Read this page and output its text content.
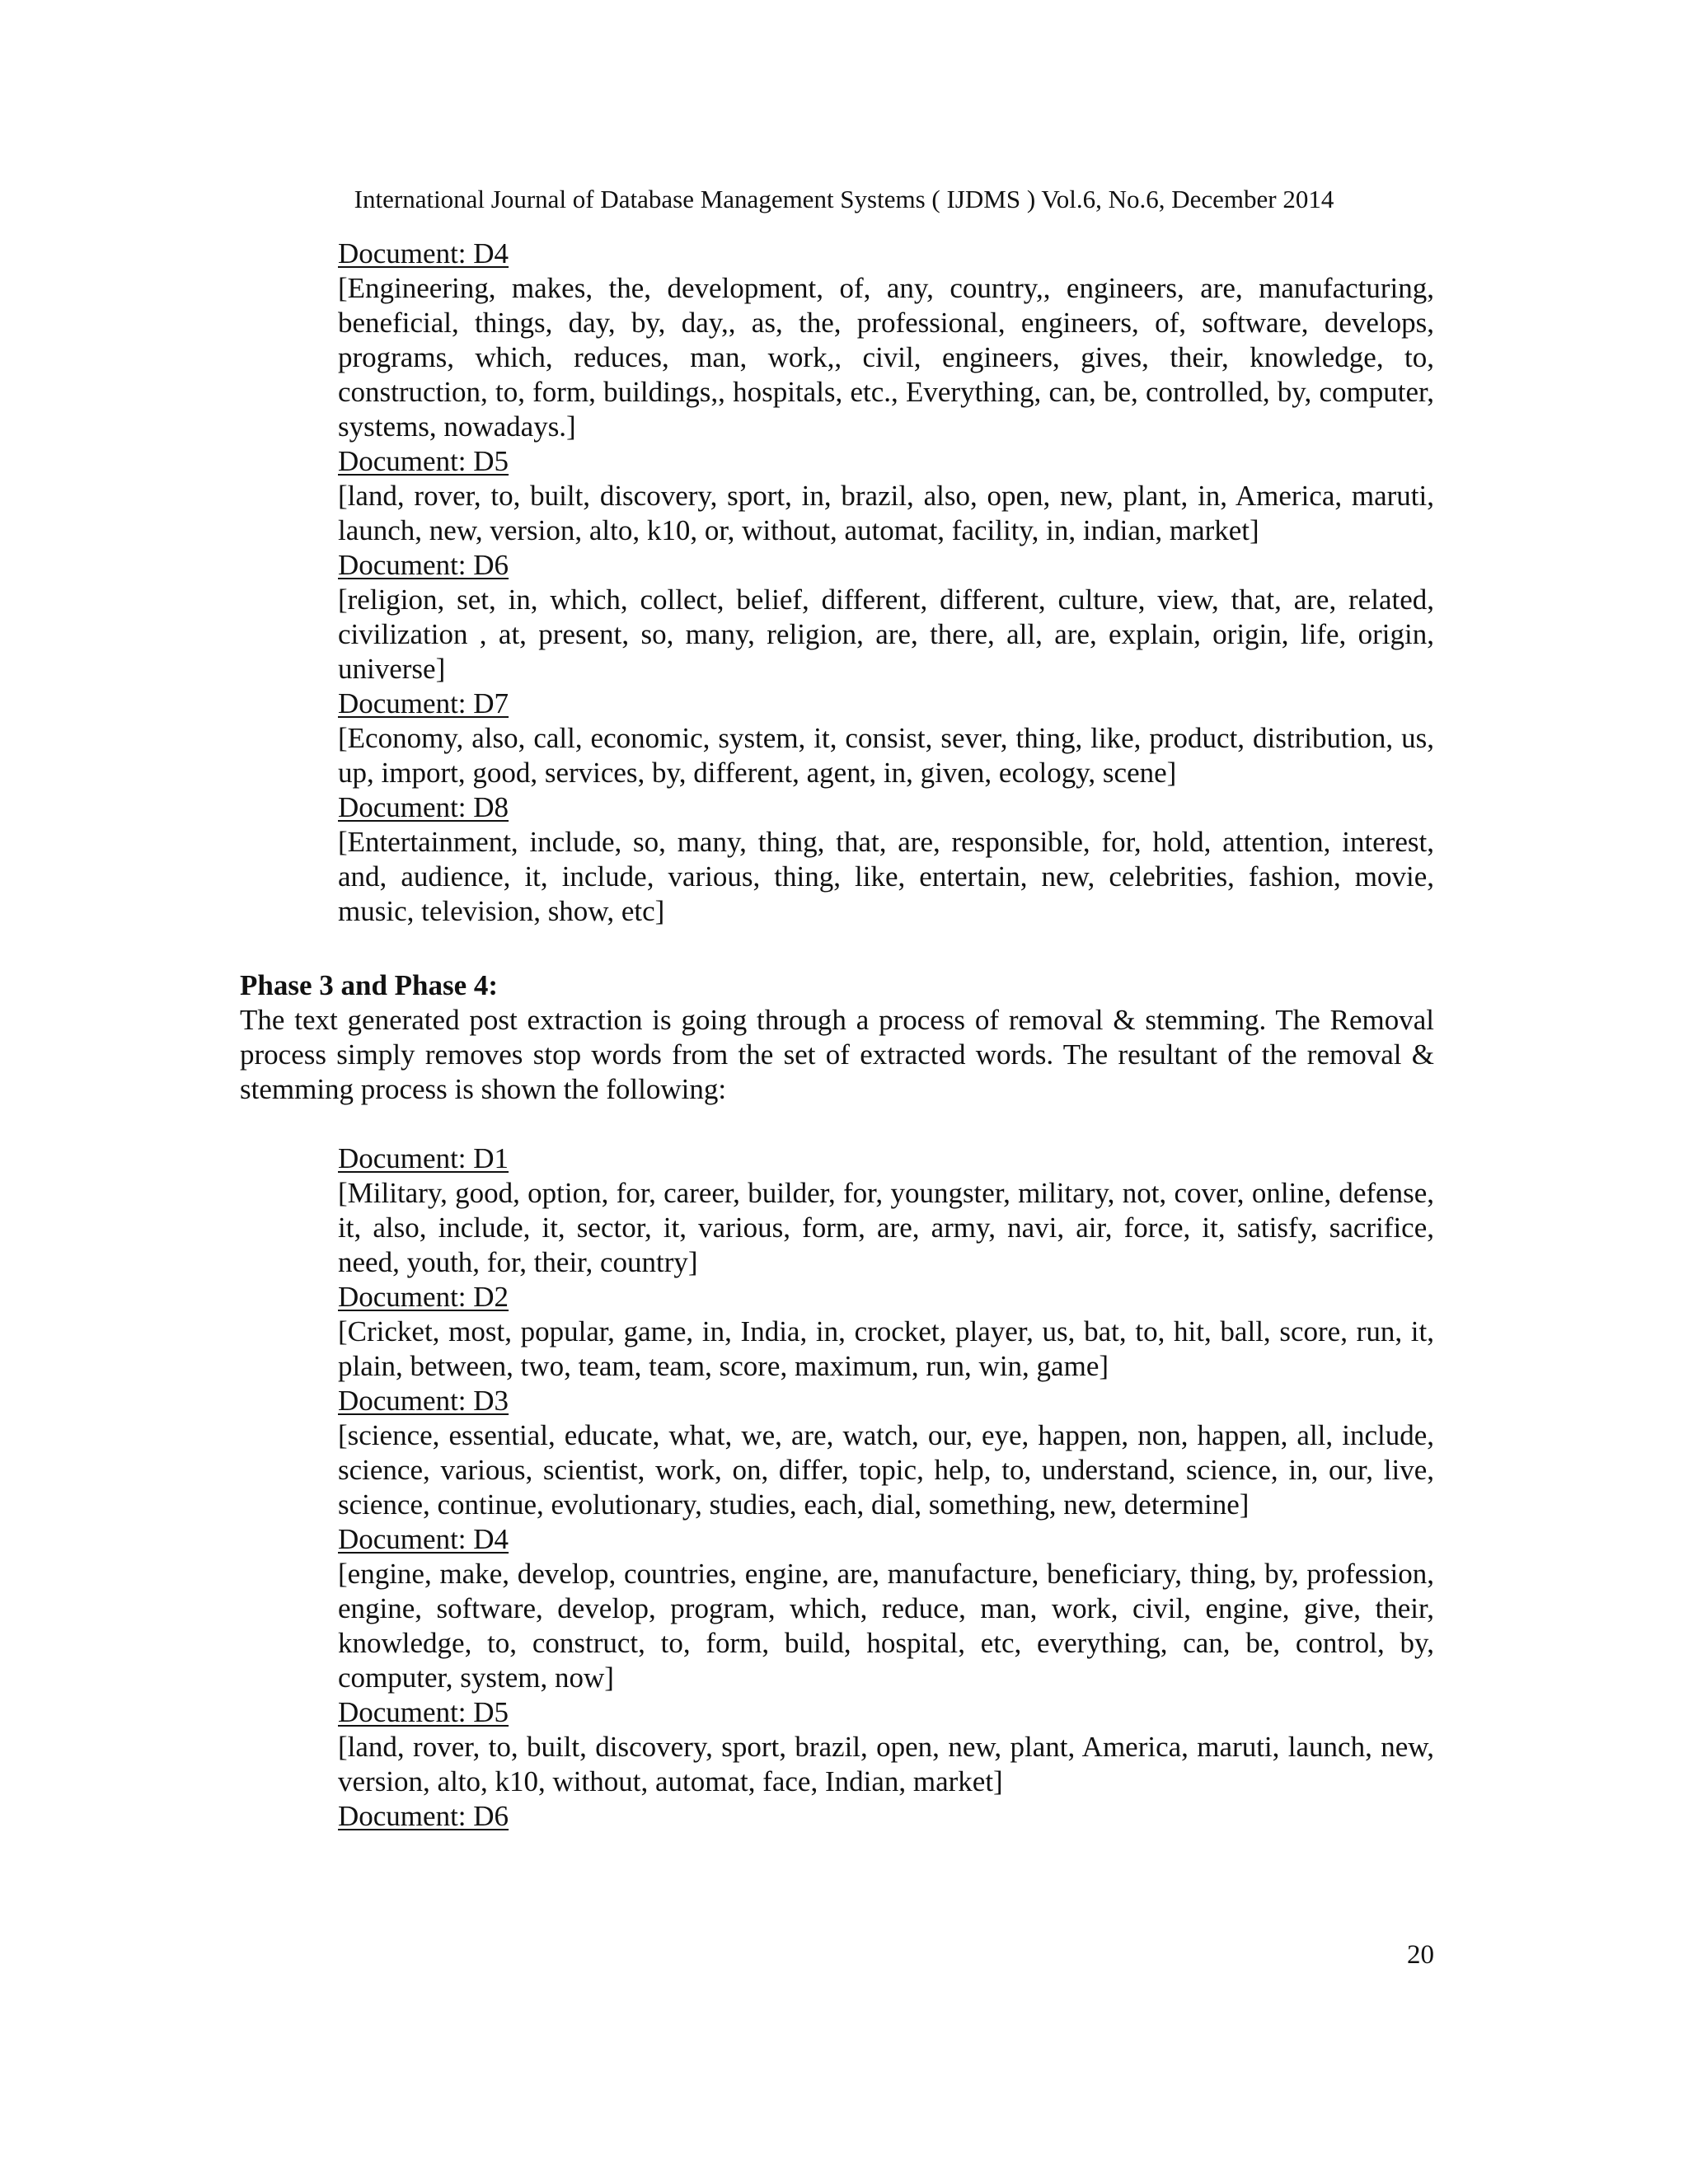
International Journal of Database Management Systems ( IJDMS ) Vol.6, No.6, December 2014
Document: D4

[Engineering, makes, the, development, of, any, country,, engineers, are, manufacturing, beneficial, things, day, by, day,, as, the, professional, engineers, of, software, develops, programs, which, reduces, man, work,, civil, engineers, gives, their, knowledge, to, construction, to, form, buildings,, hospitals, etc., Everything, can, be, controlled, by, computer, systems, nowadays.]

Document: D5

[land, rover, to, built, discovery, sport, in, brazil, also, open, new, plant, in, America, maruti, launch, new, version, alto, k10, or, without, automat, facility, in, indian, market]

Document: D6

[religion, set, in, which, collect, belief, different, different, culture, view, that, are, related, civilization , at, present, so, many, religion, are, there, all, are, explain, origin, life, origin, universe]

Document: D7

[Economy, also, call, economic, system, it, consist, sever, thing, like, product, distribution, us, up, import, good, services, by, different, agent, in, given, ecology, scene]

Document: D8

[Entertainment, include, so, many, thing, that, are, responsible, for, hold, attention, interest, and, audience, it, include, various, thing, like, entertain, new, celebrities, fashion, movie, music, television, show, etc]

Phase 3 and Phase 4:

The text generated post extraction is going through a process of removal & stemming. The Removal process simply removes stop words from the set of extracted words. The resultant of the removal & stemming process is shown the following:

Document: D1

[Military, good, option, for, career, builder, for, youngster, military, not, cover, online, defense, it, also, include, it, sector, it, various, form, are, army, navi, air, force, it, satisfy, sacrifice, need, youth, for, their, country]

Document: D2

[Cricket, most, popular, game, in, India, in, crocket, player, us, bat, to, hit, ball, score, run, it, plain, between, two, team, team, score, maximum, run, win, game]

Document: D3

[science, essential, educate, what, we, are, watch, our, eye, happen, non, happen, all, include, science, various, scientist, work, on, differ, topic, help, to, understand, science, in, our, live, science, continue, evolutionary, studies, each, dial, something, new, determine]

Document: D4

[engine, make, develop, countries, engine, are, manufacture, beneficiary, thing, by, profession, engine, software, develop, program, which, reduce, man, work, civil, engine, give, their, knowledge, to, construct, to, form, build, hospital, etc, everything, can, be, control, by, computer, system, now]

Document: D5

[land, rover, to, built, discovery, sport, brazil, open, new, plant, America, maruti, launch, new, version, alto, k10, without, automat, face, Indian, market]

Document: D6
20
